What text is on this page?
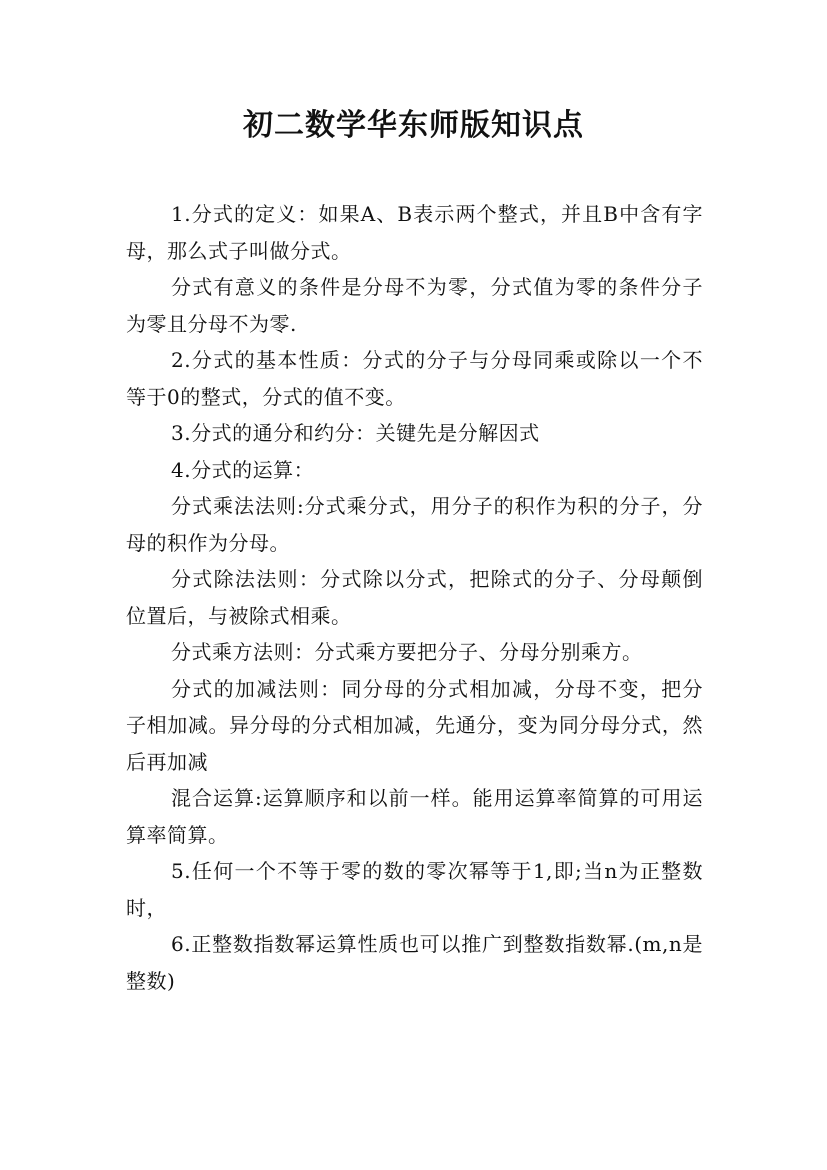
初二数学华东师版知识点

1.分式的定义：如果A、B表示两个整式，并且B中含有字母，那么式子叫做分式。

分式有意义的条件是分母不为零，分式值为零的条件分子为零且分母不为零.

2.分式的基本性质：分式的分子与分母同乘或除以一个不等于0的整式，分式的值不变。

3.分式的通分和约分：关键先是分解因式

4.分式的运算：

分式乘法法则:分式乘分式，用分子的积作为积的分子，分母的积作为分母。

分式除法法则：分式除以分式，把除式的分子、分母颠倒位置后，与被除式相乘。

分式乘方法则：分式乘方要把分子、分母分别乘方。

分式的加减法则：同分母的分式相加减，分母不变，把分子相加减。异分母的分式相加减，先通分，变为同分母分式，然后再加减

混合运算:运算顺序和以前一样。能用运算率简算的可用运算率简算。

5.任何一个不等于零的数的零次幂等于1,即;当n为正整数时，

6.正整数指数幂运算性质也可以推广到整数指数幂.(m,n是整数)
